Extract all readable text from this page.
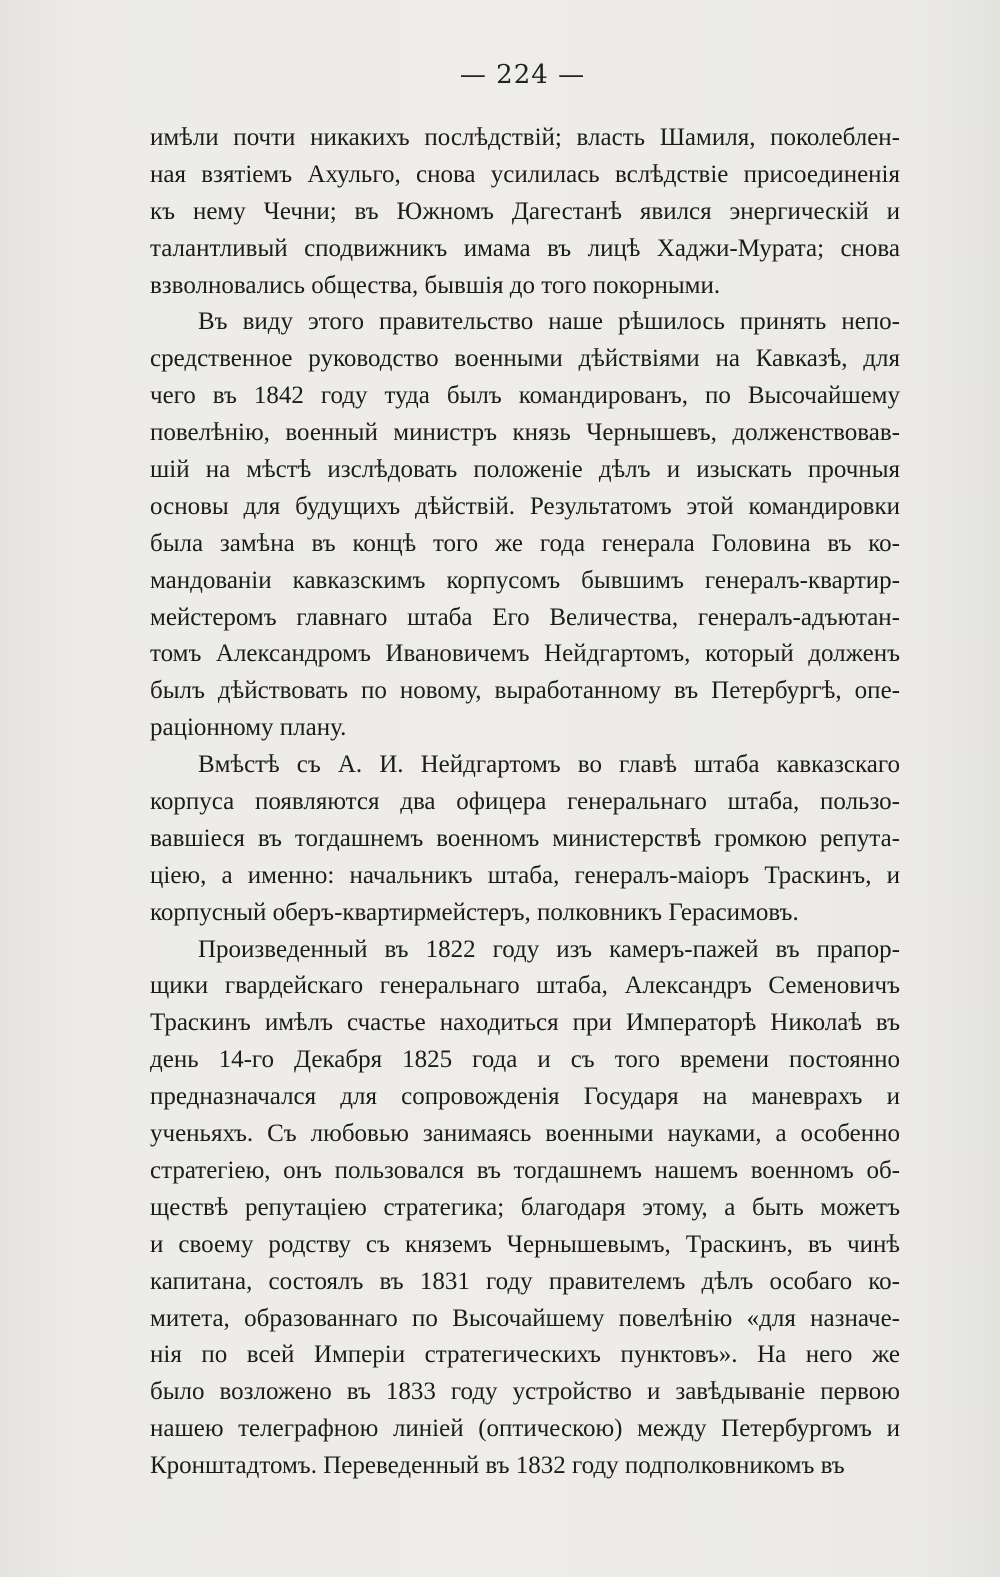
— 224 —
имѣли почти никакихъ послѣдствій; власть Шамиля, поколеблен-
ная взятіемъ Ахульго, снова усилилась вслѣдствіе присоединенія
къ нему Чечни; въ Южномъ Дагестанѣ явился энергическій и
талантливый сподвижникъ имама въ лицѣ Хаджи-Мурата; снова
взволновались общества, бывшія до того покорными.
Въ виду этого правительство наше рѣшилось принять непо-
средственное руководство военными дѣйствіями на Кавказѣ, для
чего въ 1842 году туда былъ командированъ, по Высочайшему
повелѣнію, военный министръ князь Чернышевъ, долженствовав-
шій на мѣстѣ изслѣдовать положеніе дѣлъ и изыскать прочныя
основы для будущихъ дѣйствій. Результатомъ этой командировки
была замѣна въ концѣ того же года генерала Головина въ ко-
мандованіи кавказскимъ корпусомъ бывшимъ генералъ-квартир-
мейстеромъ главнаго штаба Его Величества, генералъ-адъютан-
томъ Александромъ Ивановичемъ Нейдгартомъ, который долженъ
былъ дѣйствовать по новому, выработанному въ Петербургѣ, опе-
раціонному плану.
Вмѣстѣ съ А. И. Нейдгартомъ во главѣ штаба кавказскаго
корпуса появляются два офицера генеральнаго штаба, пользо-
вавшіеся въ тогдашнемъ военномъ министерствѣ громкою репута-
ціею, а именно: начальникъ штаба, генералъ-маіоръ Траскинъ, и
корпусный оберъ-квартирмейстеръ, полковникъ Герасимовъ.
Произведенный въ 1822 году изъ камеръ-пажей въ прапор-
щики гвардейскаго генеральнаго штаба, Александръ Семеновичъ
Траскинъ имѣлъ счастье находиться при Императорѣ Николаѣ въ
день 14-го Декабря 1825 года и съ того времени постоянно
предназначался для сопровожденія Государя на маневрахъ и
ученьяхъ. Съ любовью занимаясь военными науками, а особенно
стратегіею, онъ пользовался въ тогдашнемъ нашемъ военномъ об-
ществѣ репутаціею стратегика; благодаря этому, а быть можетъ
и своему родству съ княземъ Чернышевымъ, Траскинъ, въ чинѣ
капитана, состоялъ въ 1831 году правителемъ дѣлъ особаго ко-
митета, образованнаго по Высочайшему повелѣнію «для назначе-
нія по всей Имперіи стратегическихъ пунктовъ». На него же
было возложено въ 1833 году устройство и завѣдываніе первою
нашею телеграфною линіей (оптическою) между Петербургомъ и
Кронштадтомъ. Переведенный въ 1832 году подполковникомъ въ
